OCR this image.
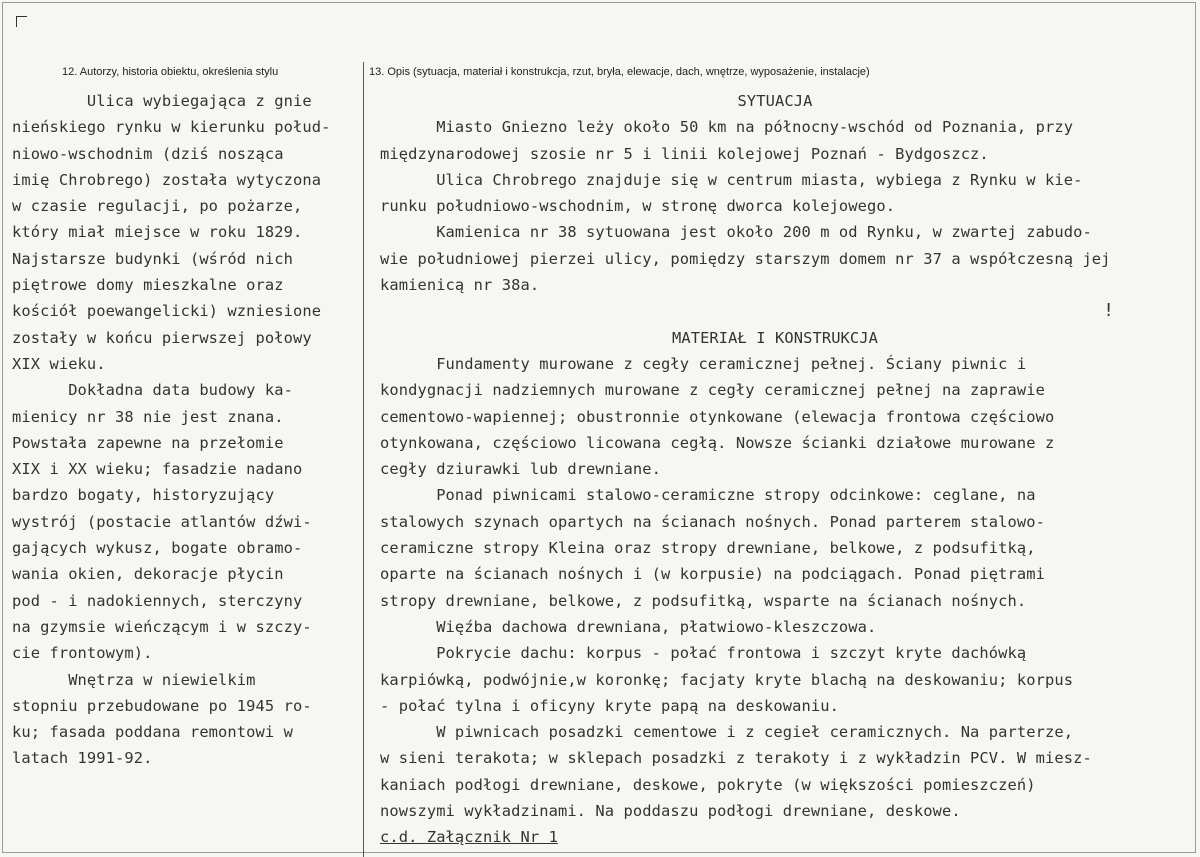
12. Autorzy, historia obiektu, określenia stylu	13. Opis (sytuacja, materiał i konstrukcja, rzut, bryła, elewacje, dach, wnętrze, wyposażenie, instalacje)
Ulica wybiegająca z gnie
nieńskiego rynku w kierunku połud-
niowo-wschodnim (dziś nosząca
imię Chrobrego) została wytyczona
w czasie regulacji, po pożarze,
który miał miejsce w roku 1829.
Najstarsze budynki (wśród nich
piętrowe domy mieszkalne oraz
kościół poewangelicki) wzniesione
zostały w końcu pierwszej połowy
XIX wieku.
Dokładna data budowy ka-
mienicy nr 38 nie jest znana.
Powstała zapewne na przełomie
XIX i XX wieku; fasadzie nadano
bardzo bogaty, historyzujący
wystrój (postacie atlantów dźwi-
gających wykusz, bogate obramo-
wania okien, dekoracje płycin
pod - i nadokiennych, sterczyny
na gzymsie wieńczącym i w szczy-
cie frontowym).
Wnętrza w niewielkim
stopniu przebudowane po 1945 ro-
ku; fasada poddana remontowi w
latach 1991-92.
SYTUACJA
Miasto Gniezno leży około 50 km na północny-wschód od Poznania, przy
międzynarodowej szosie nr 5 i linii kolejowej Poznań - Bydgoszcz.
Ulica Chrobrego znajduje się w centrum miasta, wybiega z Rynku w kie-
runku południowo-wschodnim, w stronę dworca kolejowego.
Kamienica nr 38 sytuowana jest około 200 m od Rynku, w zwartej zabudo-
wie południowej pierzei ulicy, pomiędzy starszym domem nr 37 a współczesną jej
kamienicą nr 38a.
MATERIAŁ I KONSTRUKCJA
Fundamenty murowane z cegły ceramicznej pełnej. Ściany piwnic i
kondygnacji nadziemnych murowane z cegły ceramicznej pełnej na zaprawie
cementowo-wapiennej; obustronnie otynkowane (elewacja frontowa częściowo
otynkowana, częściowo licowana cegłą. Nowsze ścianki działowe murowane z
cegły dziurawki lub drewniane.
Ponad piwnicami stalowo-ceramiczne stropy odcinkowe: ceglane, na
stalowych szynach opartych na ścianach nośnych. Ponad parterem stalowo-
ceramiczne stropy Kleina oraz stropy drewniane, belkowe, z podsufitką,
oparte na ścianach nośnych i (w korpusie) na podciągach. Ponad piętrami
stropy drewniane, belkowe, z podsufitką, wsparte na ścianach nośnych.
Więźba dachowa drewniana, płatwiowo-kleszczowa.
Pokrycie dachu: korpus - połać frontowa i szczyt kryte dachówką
karpiówką, podwójnie,w koronkę; facjaty kryte blachą na deskowaniu; korpus
- połać tylna i oficyny kryte papą na deskowaniu.
W piwnicach posadzki cementowe i z cegieł ceramicznych. Na parterze,
w sieni terakota; w sklepach posadzki z terakoty i z wykładzin PCV. W miesz-
kaniach podłogi drewniane, deskowe, pokryte (w większości pomieszczeń)
nowszymi wykładzinami. Na poddaszu podłogi drewniane, deskowe.
c.d. Załącznik Nr 1
!
